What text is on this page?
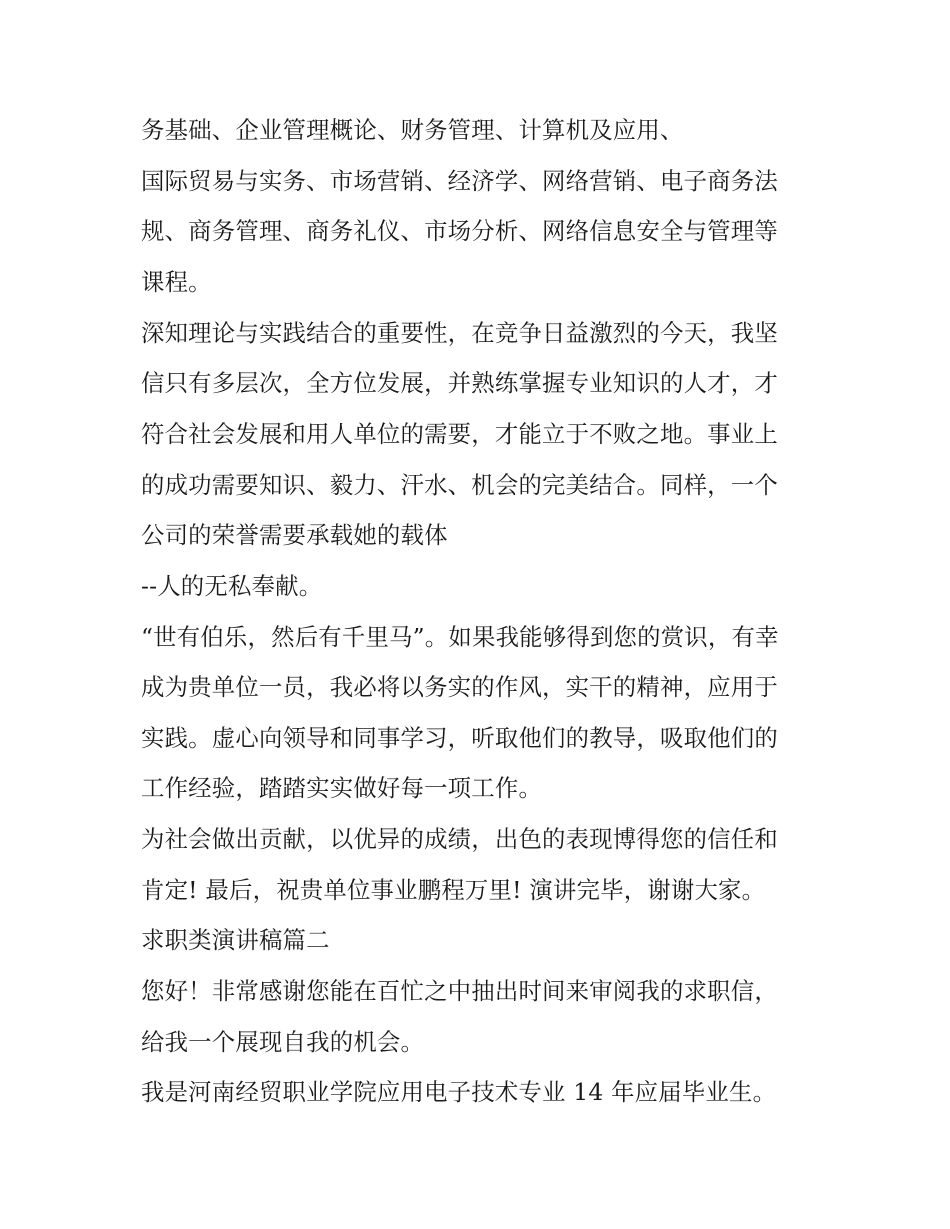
务基础、企业管理概论、财务管理、计算机及应用、
国际贸易与实务、市场营销、经济学、网络营销、电子商务法
规、商务管理、商务礼仪、市场分析、网络信息安全与管理等
课程。
深知理论与实践结合的重要性，在竞争日益激烈的今天，我坚
信只有多层次，全方位发展，并熟练掌握专业知识的人才，才
符合社会发展和用人单位的需要，才能立于不败之地。事业上
的成功需要知识、毅力、汗水、机会的完美结合。同样，一个
公司的荣誉需要承载她的载体
--人的无私奉献。
“世有伯乐，然后有千里马”。如果我能够得到您的赏识，有幸
成为贵单位一员，我必将以务实的作风，实干的精神，应用于
实践。虚心向领导和同事学习，听取他们的教导，吸取他们的
工作经验，踏踏实实做好每一项工作。
为社会做出贡献，以优异的成绩，出色的表现博得您的信任和
肯定! 最后，祝贵单位事业鹏程万里! 演讲完毕，谢谢大家。
求职类演讲稿篇二
您好！非常感谢您能在百忙之中抽出时间来审阅我的求职信，
给我一个展现自我的机会。
我是河南经贸职业学院应用电子技术专业 14 年应届毕业生。
